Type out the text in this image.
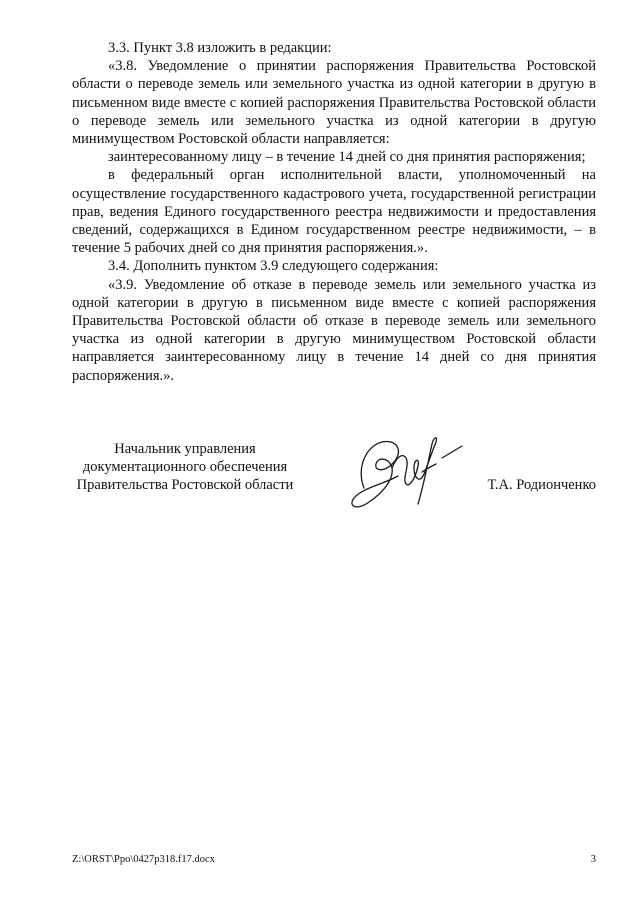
3.3. Пункт 3.8 изложить в редакции:

«3.8. Уведомление о принятии распоряжения Правительства Ростовской области о переводе земель или земельного участка из одной категории в другую в письменном виде вместе с копией распоряжения Правительства Ростовской области о переводе земель или земельного участка из одной категории в другую минимуществом Ростовской области направляется:

заинтересованному лицу – в течение 14 дней со дня принятия распоряжения;

в федеральный орган исполнительной власти, уполномоченный на осуществление государственного кадастрового учета, государственной регистрации прав, ведения Единого государственного реестра недвижимости и предоставления сведений, содержащихся в Едином государственном реестре недвижимости, – в течение 5 рабочих дней со дня принятия распоряжения.».

3.4. Дополнить пунктом 3.9 следующего содержания:

«3.9. Уведомление об отказе в переводе земель или земельного участка из одной категории в другую в письменном виде вместе с копией распоряжения Правительства Ростовской области об отказе в переводе земель или земельного участка из одной категории в другую минимуществом Ростовской области направляется заинтересованному лицу в течение 14 дней со дня принятия распоряжения.».

Начальник управления
документационного обеспечения
Правительства Ростовской области	Т.А. Родионченко
Z:\ORST\Ppo\0427p318.f17.docx	3
